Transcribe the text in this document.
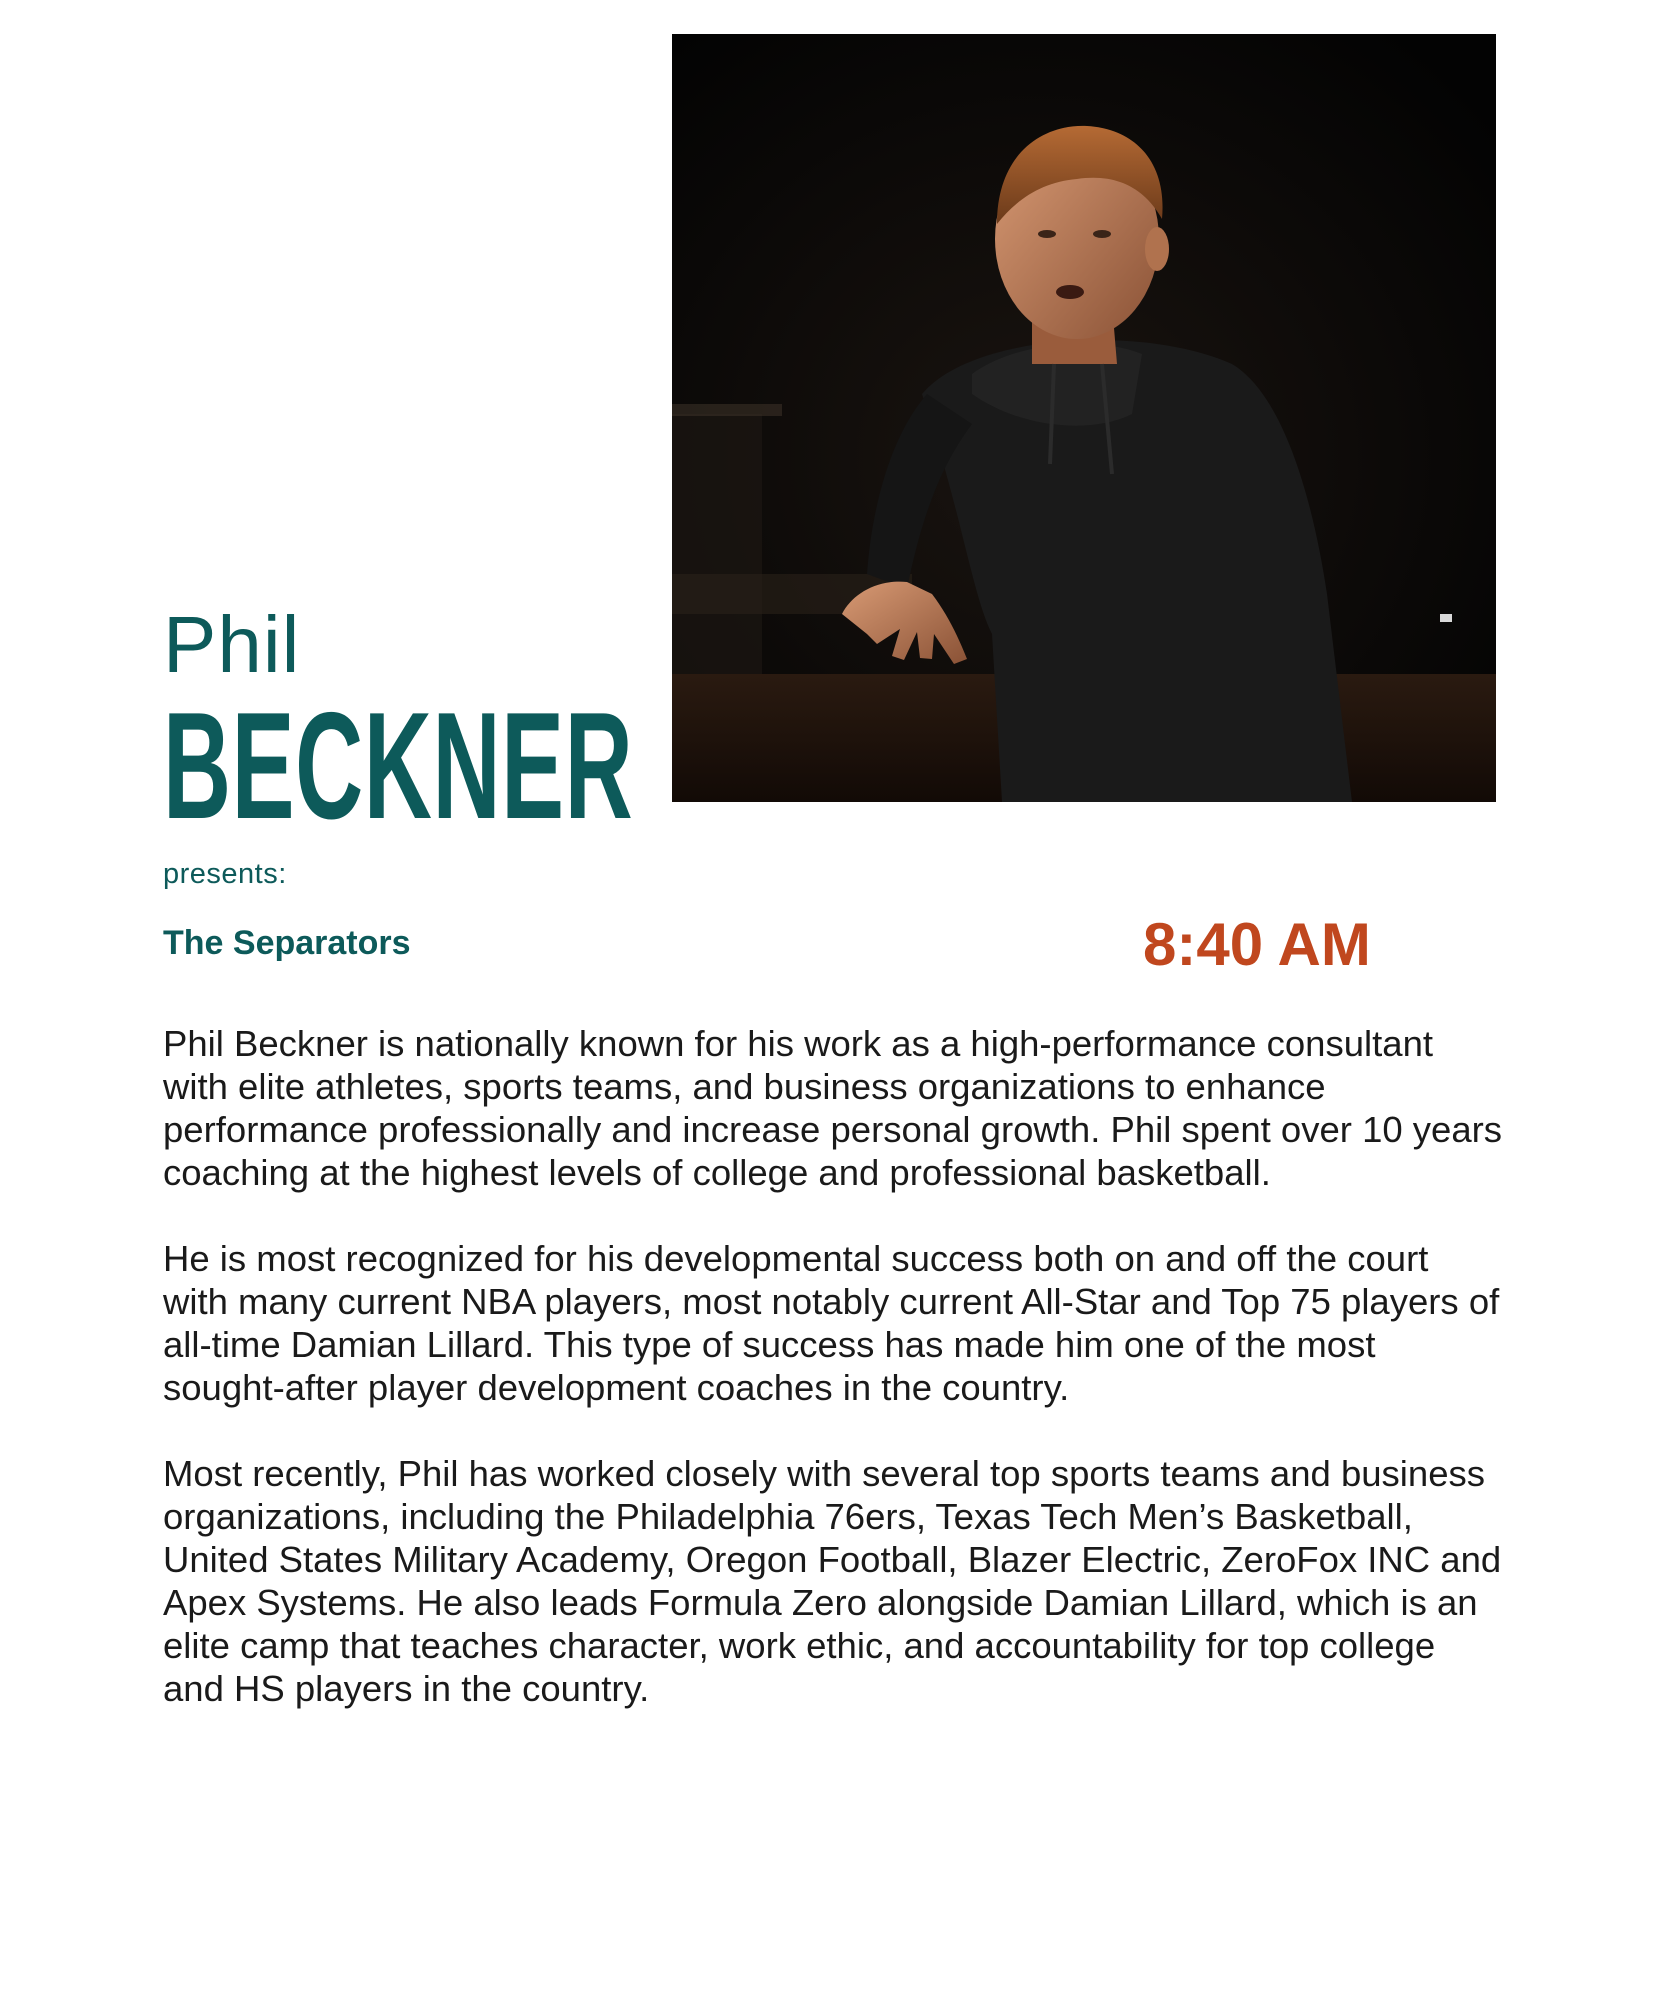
Phil
BECKNER
presents:
The Separators	8:40 AM

Phil Beckner is nationally known for his work as a high-performance consultant with elite athletes, sports teams, and business organizations to enhance performance professionally and increase personal growth. Phil spent over 10 years coaching at the highest levels of college and professional basketball.

He is most recognized for his developmental success both on and off the court with many current NBA players, most notably current All-Star and Top 75 players of all-time Damian Lillard. This type of success has made him one of the most sought-after player development coaches in the country.

Most recently, Phil has worked closely with several top sports teams and business organizations, including the Philadelphia 76ers, Texas Tech Men’s Basketball, United States Military Academy, Oregon Football, Blazer Electric, ZeroFox INC and Apex Systems. He also leads Formula Zero alongside Damian Lillard, which is an elite camp that teaches character, work ethic, and accountability for top college and HS players in the country.
